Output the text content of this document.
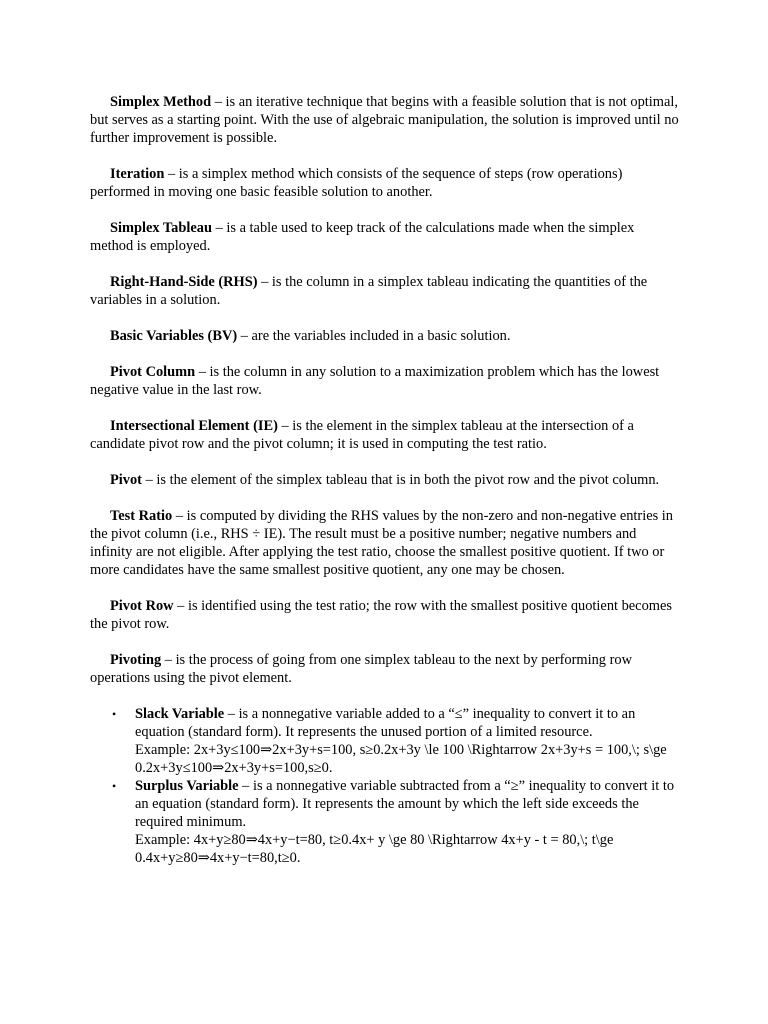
Simplex Method – is an iterative technique that begins with a feasible solution that is not optimal, but serves as a starting point. With the use of algebraic manipulation, the solution is improved until no further improvement is possible.

Iteration – is a simplex method which consists of the sequence of steps (row operations) performed in moving one basic feasible solution to another.

Simplex Tableau – is a table used to keep track of the calculations made when the simplex method is employed.

Right-Hand-Side (RHS) – is the column in a simplex tableau indicating the quantities of the variables in a solution.

Basic Variables (BV) – are the variables included in a basic solution.

Pivot Column – is the column in any solution to a maximization problem which has the lowest negative value in the last row.

Intersectional Element (IE) – is the element in the simplex tableau at the intersection of a candidate pivot row and the pivot column; it is used in computing the test ratio.

Pivot – is the element of the simplex tableau that is in both the pivot row and the pivot column.

Test Ratio – is computed by dividing the RHS values by the non-zero and non-negative entries in the pivot column (i.e., RHS ÷ IE). The result must be a positive number; negative numbers and infinity are not eligible. After applying the test ratio, choose the smallest positive quotient. If two or more candidates have the same smallest positive quotient, any one may be chosen.

Pivot Row – is identified using the test ratio; the row with the smallest positive quotient becomes the pivot row.

Pivoting – is the process of going from one simplex tableau to the next by performing row operations using the pivot element.

• Slack Variable – is a nonnegative variable added to a “≤” inequality to convert it to an equation (standard form). It represents the unused portion of a limited resource.
Example: 2x+3y≤100⇒2x+3y+s=100, s≥0.2x+3y \le 100 \Rightarrow 2x+3y+s = 100,\; s\ge 0.2x+3y≤100⇒2x+3y+s=100,s≥0.
• Surplus Variable – is a nonnegative variable subtracted from a “≥” inequality to convert it to an equation (standard form). It represents the amount by which the left side exceeds the required minimum.
Example: 4x+y≥80⇒4x+y−t=80, t≥0.4x+ y \ge 80 \Rightarrow 4x+y - t = 80,\; t\ge 0.4x+y≥80⇒4x+y−t=80,t≥0.
